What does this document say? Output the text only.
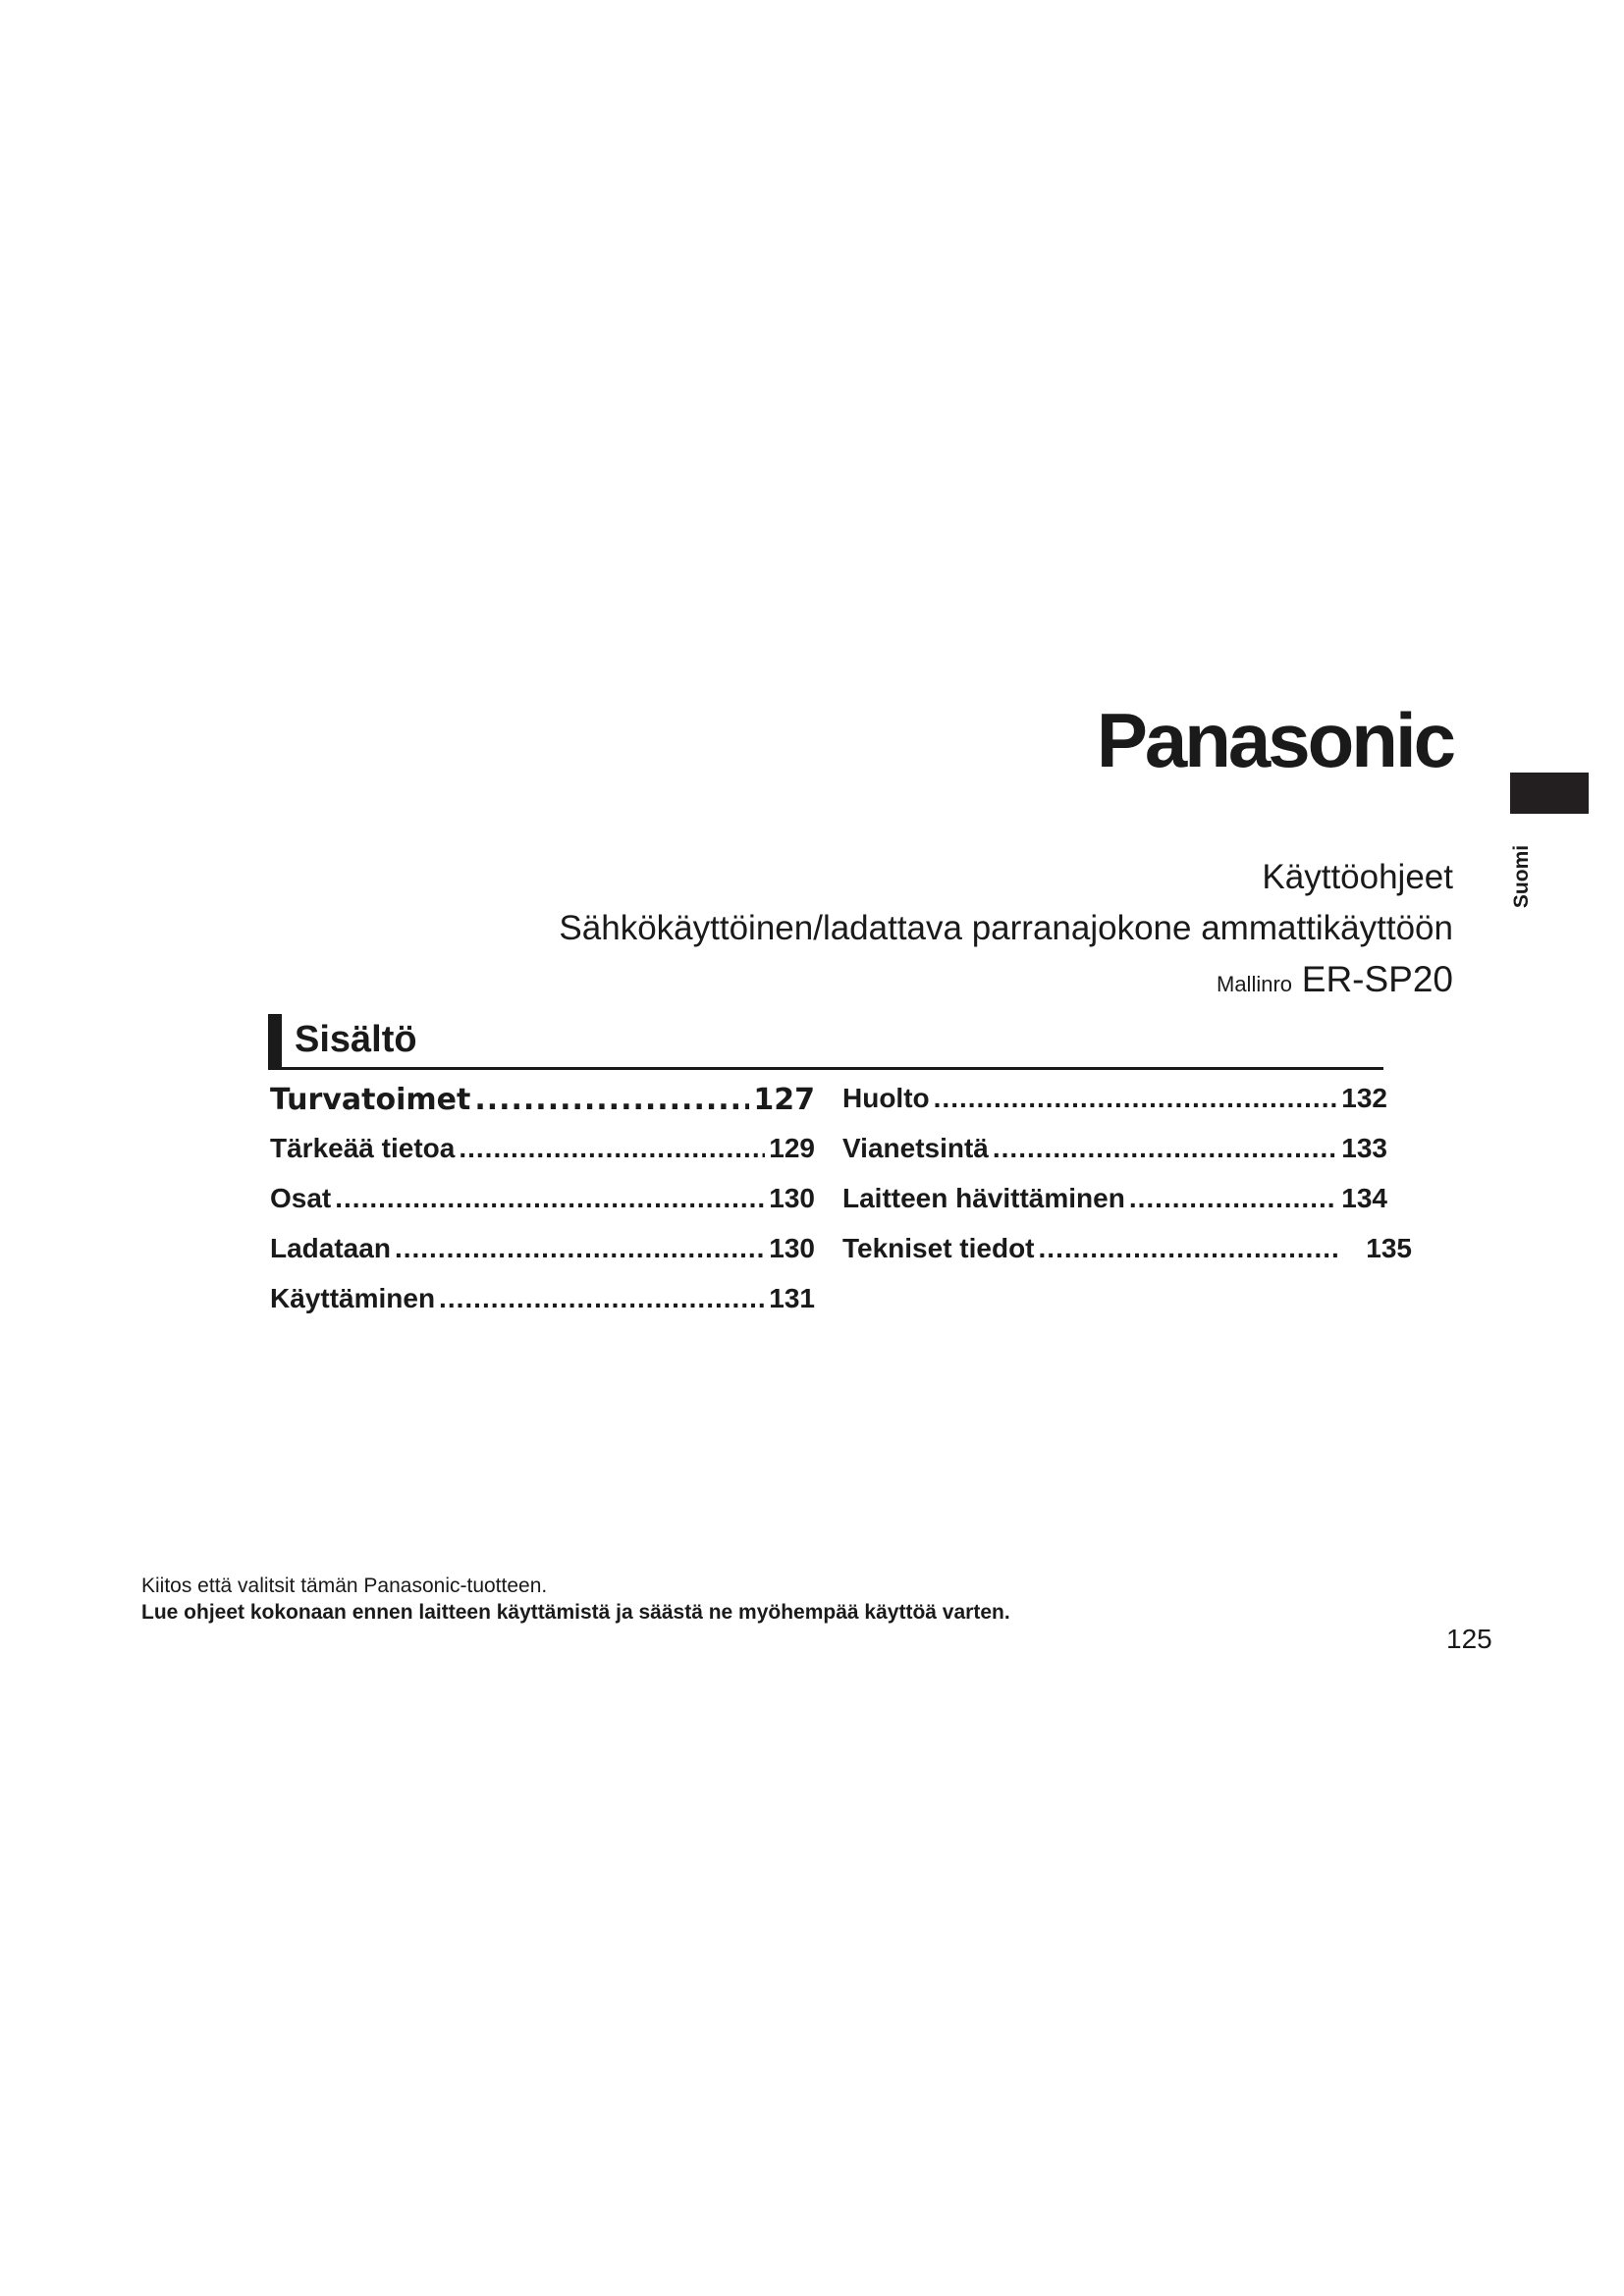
Panasonic
Suomi
Käyttöohjeet
Sähkökäyttöinen/ladattava parranajokone ammattikäyttöön
Mallinro ER-SP20
Sisältö
Turvatoimet .....	127
Tärkeää tietoa .....	129
Osat .....	130
Ladataan .....	130
Käyttäminen .....	131
Huolto .....	132
Vianetsintä .....	133
Laitteen hävittäminen .....	134
Tekniset tiedot .....	135
Kiitos että valitsit tämän Panasonic-tuotteen.
Lue ohjeet kokonaan ennen laitteen käyttämistä ja säästä ne myöhempää käyttöä varten.
125
